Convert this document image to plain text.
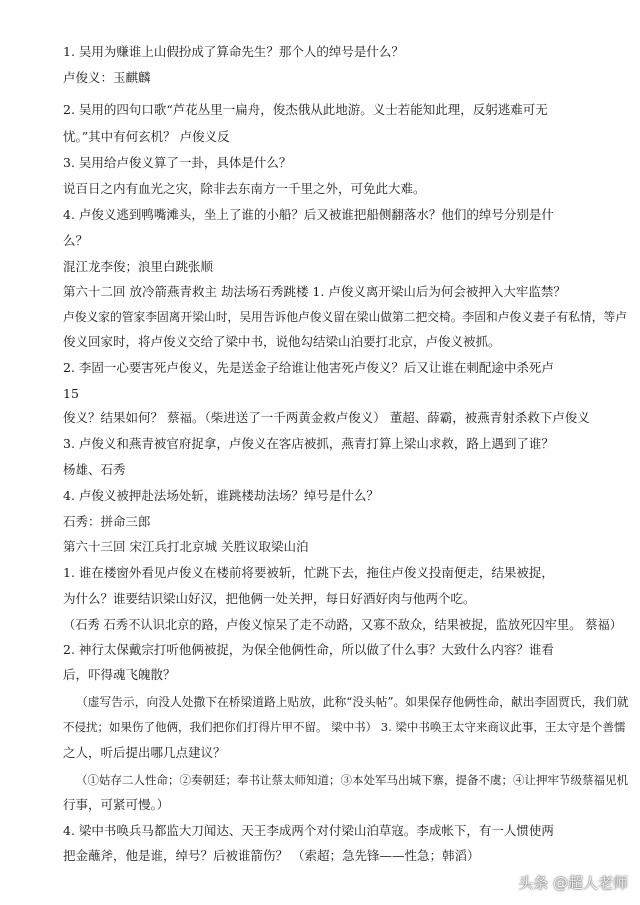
1. 吴用为赚谁上山假扮成了算命先生？那个人的绰号是什么？
卢俊义：玉麒麟
2. 吴用的四句口歌“芦花丛里一扁舟，俊杰俄从此地游。义士若能知此理，反躬逃难可无
忧。”其中有何玄机？ 卢俊义反
3. 吴用给卢俊义算了一卦，具体是什么？
说百日之内有血光之灾，除非去东南方一千里之外，可免此大难。
4. 卢俊义逃到鸭嘴滩头，坐上了谁的小船？后又被谁把船侧翻落水？他们的绰号分别是什
么？
混江龙李俊；浪里白跳张顺
第六十二回 放冷箭燕青救主 劫法场石秀跳楼 1. 卢俊义离开梁山后为何会被押入大牢监禁？
卢俊义家的管家李固离开梁山时，吴用告诉他卢俊义留在梁山做第二把交椅。李固和卢俊义妻子有私情，等卢
俊义回家时，将卢俊义交给了梁中书，说他勾结梁山泊要打北京，卢俊义被抓。
2. 李固一心要害死卢俊义，先是送金子给谁让他害死卢俊义？后又让谁在刺配途中杀死卢
15
俊义？结果如何？ 蔡福。（柴进送了一千两黄金救卢俊义） 董超、薛霸，被燕青射杀救下卢俊义
3. 卢俊义和燕青被官府捉拿，卢俊义在客店被抓，燕青打算上梁山求救，路上遇到了谁？
杨雄、石秀
4. 卢俊义被押赴法场处斩，谁跳楼劫法场？绰号是什么？
石秀：拼命三郎
第六十三回 宋江兵打北京城 关胜议取梁山泊
1. 谁在楼窗外看见卢俊义在楼前将要被斩，忙跳下去，拖住卢俊义投南便走，结果被捉，
为什么？谁要结识梁山好汉，把他俩一处关押，每日好酒好肉与他两个吃。
（石秀 石秀不认识北京的路，卢俊义惊呆了走不动路，又寡不敌众，结果被捉，监放死囚牢里。 蔡福）
2. 神行太保戴宗打听他俩被捉，为保全他俩性命，所以做了什么事？大致什么内容？谁看
后，吓得魂飞魄散？
（虚写告示，向没人处撒下在桥梁道路上贴放，此称“没头帖”。如果保存他俩性命，献出李固贾氏，我们就
不侵扰；如果伤了他俩，我们把你们打得片甲不留。 梁中书） 3. 梁中书唤王太守来商议此事，王太守是个善懦
之人，听后提出哪几点建议？
（①姑存二人性命；②奏朝廷；奉书让蔡太师知道；③本处军马出城下寨，提备不虞；④让押牢节级蔡福见机
行事，可紧可慢。）
4. 梁中书唤兵马都监大刀闻达、天王李成两个对付梁山泊草寇。李成帐下，有一人惯使两
把金蘸斧，他是谁，绰号？后被谁箭伤？ （索超；急先锋——性急；韩滔）
头条 @超人老师
